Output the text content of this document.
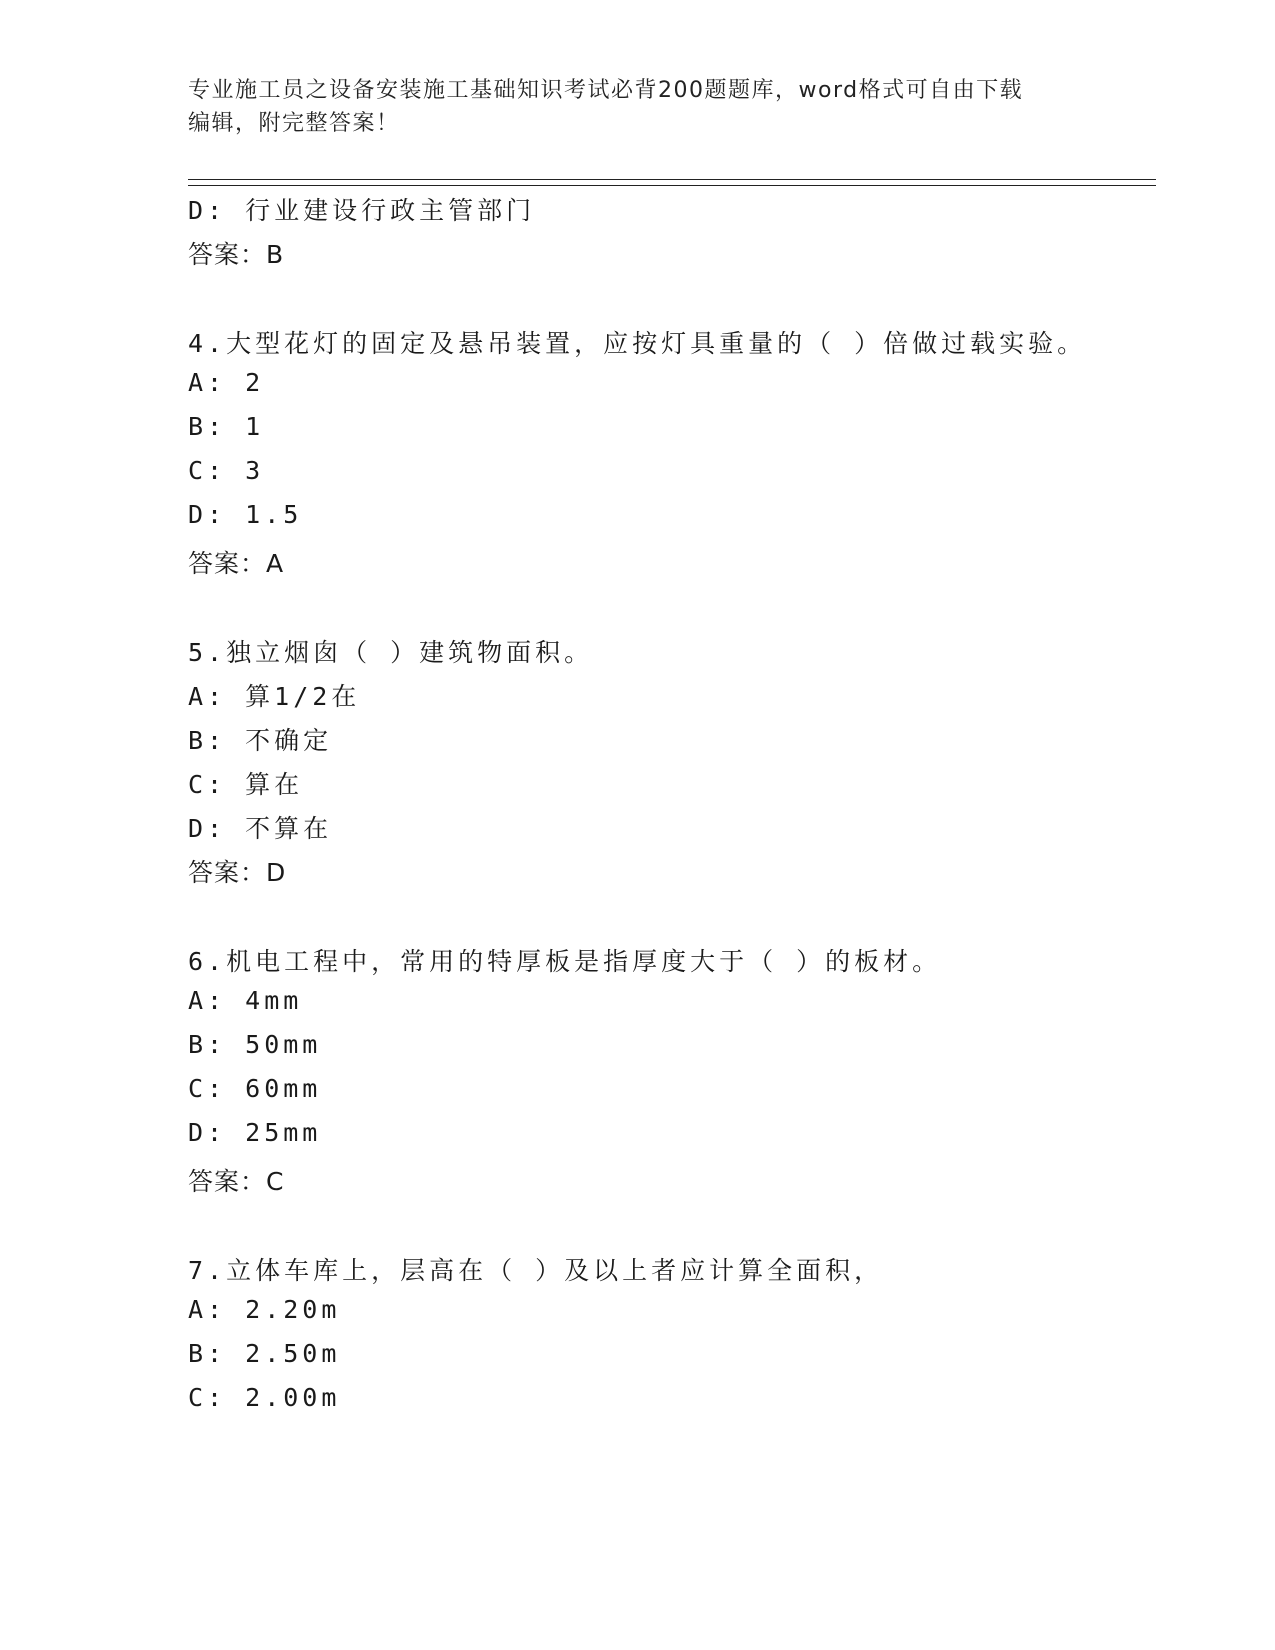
专业施工员之设备安装施工基础知识考试必背200题题库，word格式可自由下载
编辑，附完整答案！
D: 行业建设行政主管部门
答案：B
4.大型花灯的固定及悬吊装置，应按灯具重量的（ ）倍做过载实验。
A: 2
B: 1
C: 3
D: 1.5
答案：A
5.独立烟囱（ ）建筑物面积。
A: 算1/2在
B: 不确定
C: 算在
D: 不算在
答案：D
6.机电工程中，常用的特厚板是指厚度大于（ ）的板材。
A: 4mm
B: 50mm
C: 60mm
D: 25mm
答案：C
7.立体车库上，层高在（ ）及以上者应计算全面积，
A: 2.20m
B: 2.50m
C: 2.00m
